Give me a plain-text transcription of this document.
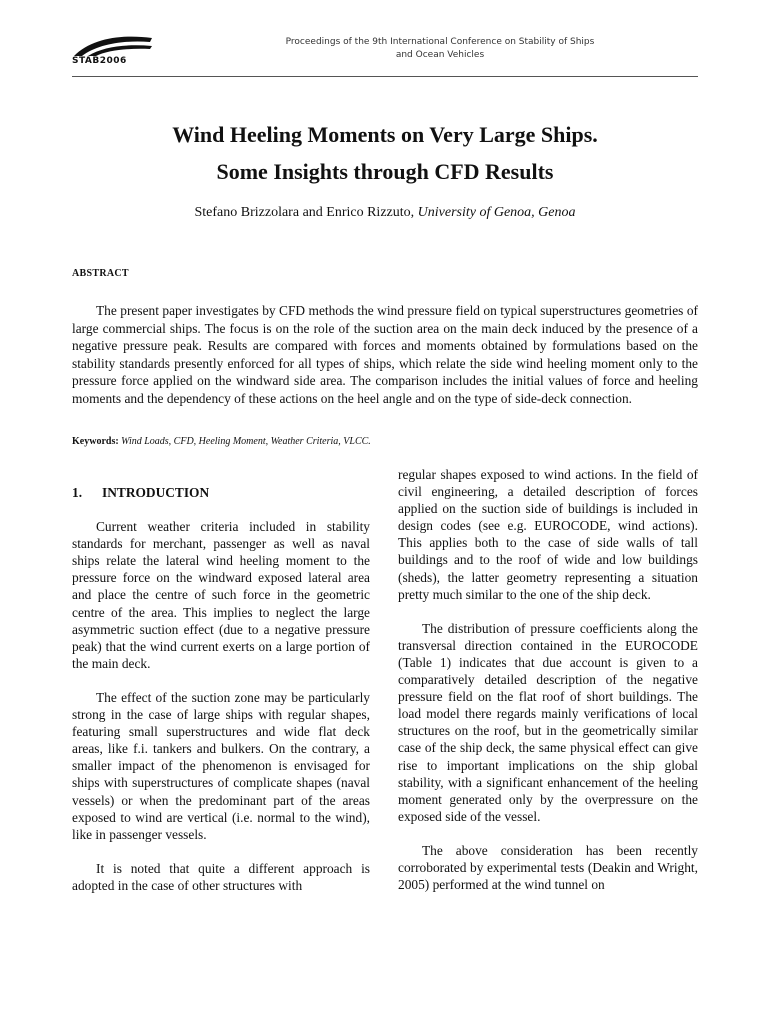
STAB2006
Proceedings of the 9th International Conference on Stability of Ships
and Ocean Vehicles
Wind Heeling Moments on Very Large Ships.
Some Insights through CFD Results
Stefano Brizzolara and Enrico Rizzuto, University of Genoa, Genoa
ABSTRACT

The present paper investigates by CFD methods the wind pressure field on typical superstructures geometries of large commercial ships. The focus is on the role of the suction area on the main deck induced by the presence of a negative pressure peak. Results are compared with forces and moments obtained by formulations based on the stability standards presently enforced for all types of ships, which relate the side wind heeling moment only to the pressure force applied on the windward side area. The comparison includes the initial values of force and heeling moments and the dependency of these actions on the heel angle and on the type of side-deck connection.

Keywords: Wind Loads, CFD, Heeling Moment, Weather Criteria, VLCC.
1. INTRODUCTION

Current weather criteria included in stability standards for merchant, passenger as well as naval ships relate the lateral wind heeling moment to the pressure force on the windward exposed lateral area and place the centre of such force in the geometric centre of the area. This implies to neglect the large asymmetric suction effect (due to a negative pressure peak) that the wind current exerts on a large portion of the main deck.

The effect of the suction zone may be particularly strong in the case of large ships with regular shapes, featuring small superstructures and wide flat deck areas, like f.i. tankers and bulkers. On the contrary, a smaller impact of the phenomenon is envisaged for ships with superstructures of complicate shapes (naval vessels) or when the predominant part of the areas exposed to wind are vertical (i.e. normal to the wind), like in passenger vessels.

It is noted that quite a different approach is adopted in the case of other structures with

regular shapes exposed to wind actions. In the field of civil engineering, a detailed description of forces applied on the suction side of buildings is included in design codes (see e.g. EUROCODE, wind actions). This applies both to the case of side walls of tall buildings and to the roof of wide and low buildings (sheds), the latter geometry representing a situation pretty much similar to the one of the ship deck.

The distribution of pressure coefficients along the transversal direction contained in the EUROCODE (Table 1) indicates that due account is given to a comparatively detailed description of the negative pressure field on the flat roof of short buildings. The load model there regards mainly verifications of local structures on the roof, but in the geometrically similar case of the ship deck, the same physical effect can give rise to important implications on the ship global stability, with a significant enhancement of the heeling moment generated only by the overpressure on the exposed side of the vessel.

The above consideration has been recently corroborated by experimental tests (Deakin and Wright, 2005) performed at the wind tunnel on
